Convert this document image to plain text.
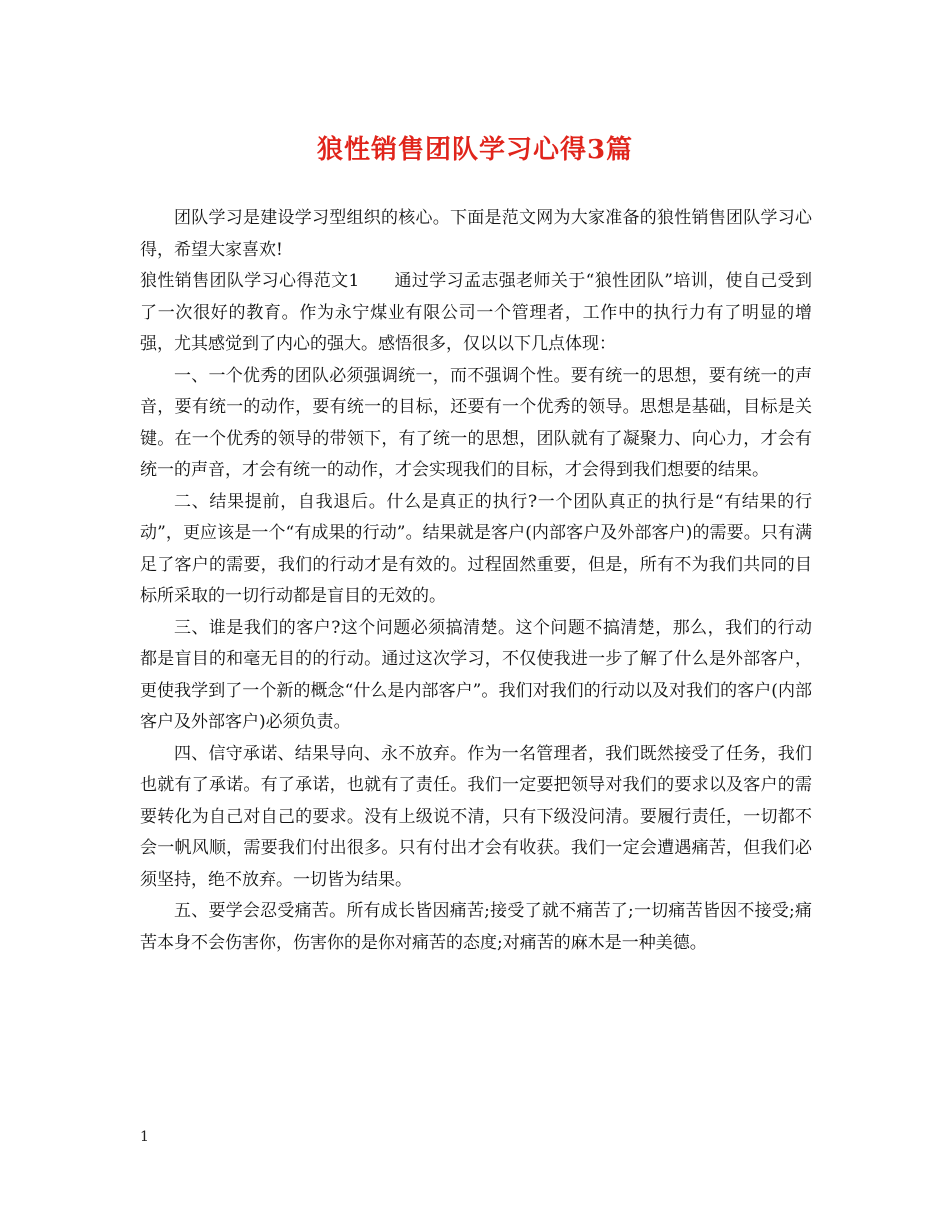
狼性销售团队学习心得3篇

团队学习是建设学习型组织的核心。下面是范文网为大家准备的狼性销售团队学习心得，希望大家喜欢!

狼性销售团队学习心得范文1　　通过学习孟志强老师关于“狼性团队”培训，使自己受到了一次很好的教育。作为永宁煤业有限公司一个管理者，工作中的执行力有了明显的增强，尤其感觉到了内心的强大。感悟很多，仅以以下几点体现：

一、一个优秀的团队必须强调统一，而不强调个性。要有统一的思想，要有统一的声音，要有统一的动作，要有统一的目标，还要有一个优秀的领导。思想是基础，目标是关键。在一个优秀的领导的带领下，有了统一的思想，团队就有了凝聚力、向心力，才会有统一的声音，才会有统一的动作，才会实现我们的目标，才会得到我们想要的结果。

二、结果提前，自我退后。什么是真正的执行?一个团队真正的执行是“有结果的行动”，更应该是一个“有成果的行动”。结果就是客户(内部客户及外部客户)的需要。只有满足了客户的需要，我们的行动才是有效的。过程固然重要，但是，所有不为我们共同的目标所采取的一切行动都是盲目的无效的。

三、谁是我们的客户?这个问题必须搞清楚。这个问题不搞清楚，那么，我们的行动都是盲目的和毫无目的的行动。通过这次学习，不仅使我进一步了解了什么是外部客户，更使我学到了一个新的概念“什么是内部客户”。我们对我们的行动以及对我们的客户(内部客户及外部客户)必须负责。

四、信守承诺、结果导向、永不放弃。作为一名管理者，我们既然接受了任务，我们也就有了承诺。有了承诺，也就有了责任。我们一定要把领导对我们的要求以及客户的需要转化为自己对自己的要求。没有上级说不清，只有下级没问清。要履行责任，一切都不会一帆风顺，需要我们付出很多。只有付出才会有收获。我们一定会遭遇痛苦，但我们必须坚持，绝不放弃。一切皆为结果。

五、要学会忍受痛苦。所有成长皆因痛苦;接受了就不痛苦了;一切痛苦皆因不接受;痛苦本身不会伤害你，伤害你的是你对痛苦的态度;对痛苦的麻木是一种美德。

1
